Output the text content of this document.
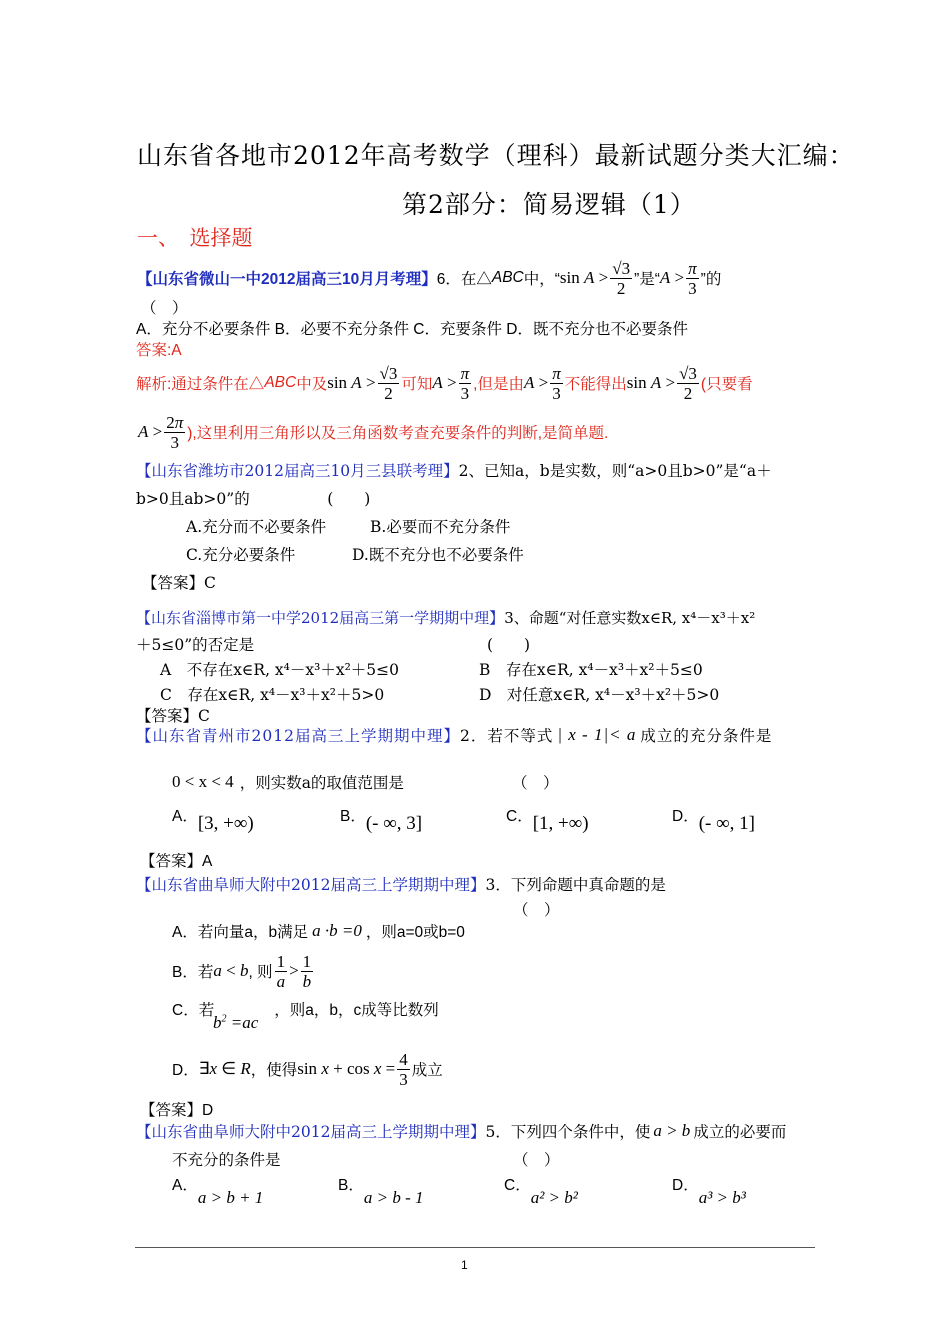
山东省各地市2012年高考数学（理科）最新试题分类大汇编：
第2部分：简易逻辑（1）
一、　选择题
【山东省微山一中2012届高三10月月考理】 6．在△ ABC 中，“ $\sin A > \frac{√3}{2}$ ”是“ $A > \frac{\pi}{3}$ ”的
（　）
A．充分不必要条件 B．必要不充分条件 C．充要条件 D．既不充分也不必要条件
答案:A
解析:通过条件在△ ABC 中及 $\sin A > \frac{√3}{2}$ 可知 $A > \frac{\pi}{3}$ ,但是由 $A > \frac{\pi}{3}$ 不能得出 $\sin A > \frac{√3}{2}$ (只要看
$A > \frac{2\pi}{3}$ ),这里利用三角形以及三角函数考查充要条件的判断,是简单题.
【山东省潍坊市2012届高三10月三县联考理】2、已知a，b是实数，则“a>0且b>0”是“a＋
b>0且ab>0”的　　　　　(　　)
A.充分而不必要条件	B.必要而不充分条件
C.充分必要条件	D.既不充分也不必要条件
【答案】C
【山东省淄博市第一中学2012届高三第一学期期中理】3、命题“对任意实数x∈R, x⁴－x³＋x²
＋5≤0”的否定是	(　　)
A　不存在x∈R, x⁴－x³＋x²＋5≤0	B　存在x∈R, x⁴－x³＋x²＋5≤0
C　存在x∈R, x⁴－x³＋x²＋5>0	D　对任意x∈R, x⁴－x³＋x²＋5>0
【答案】C
【山东省青州市2012届高三上学期期中理】 2．若不等式 | x - 1|< a 成立的充分条件是
0 < x < 4 ，则实数a的取值范围是	（　）
A．[3, +∞)	B．(- ∞, 3]	C．[1, +∞)	D．(- ∞, 1]
【答案】A
【山东省曲阜师大附中2012届高三上学期期中理】3．下列命题中真命题的是
（　）
A．若向量a，b满足 a ·b =0 ，则a=0或b=0
B．若 a < b , 则 $\frac{1}{a} > \frac{1}{b}$
C．若	，则a，b，c成等比数列
$b^2 =ac$
D． ∃x ∈ R ，使得 $\sin x + \cos x = \frac{4}{3}$ 成立
【答案】D
【山东省曲阜师大附中2012届高三上学期期中理】 5．下列四个条件中，使 a > b 成立的必要而
不充分的条件是	（　）
A．a > b + 1
B．a > b - 1
C．a² > b²
D．a³ > b³
1
